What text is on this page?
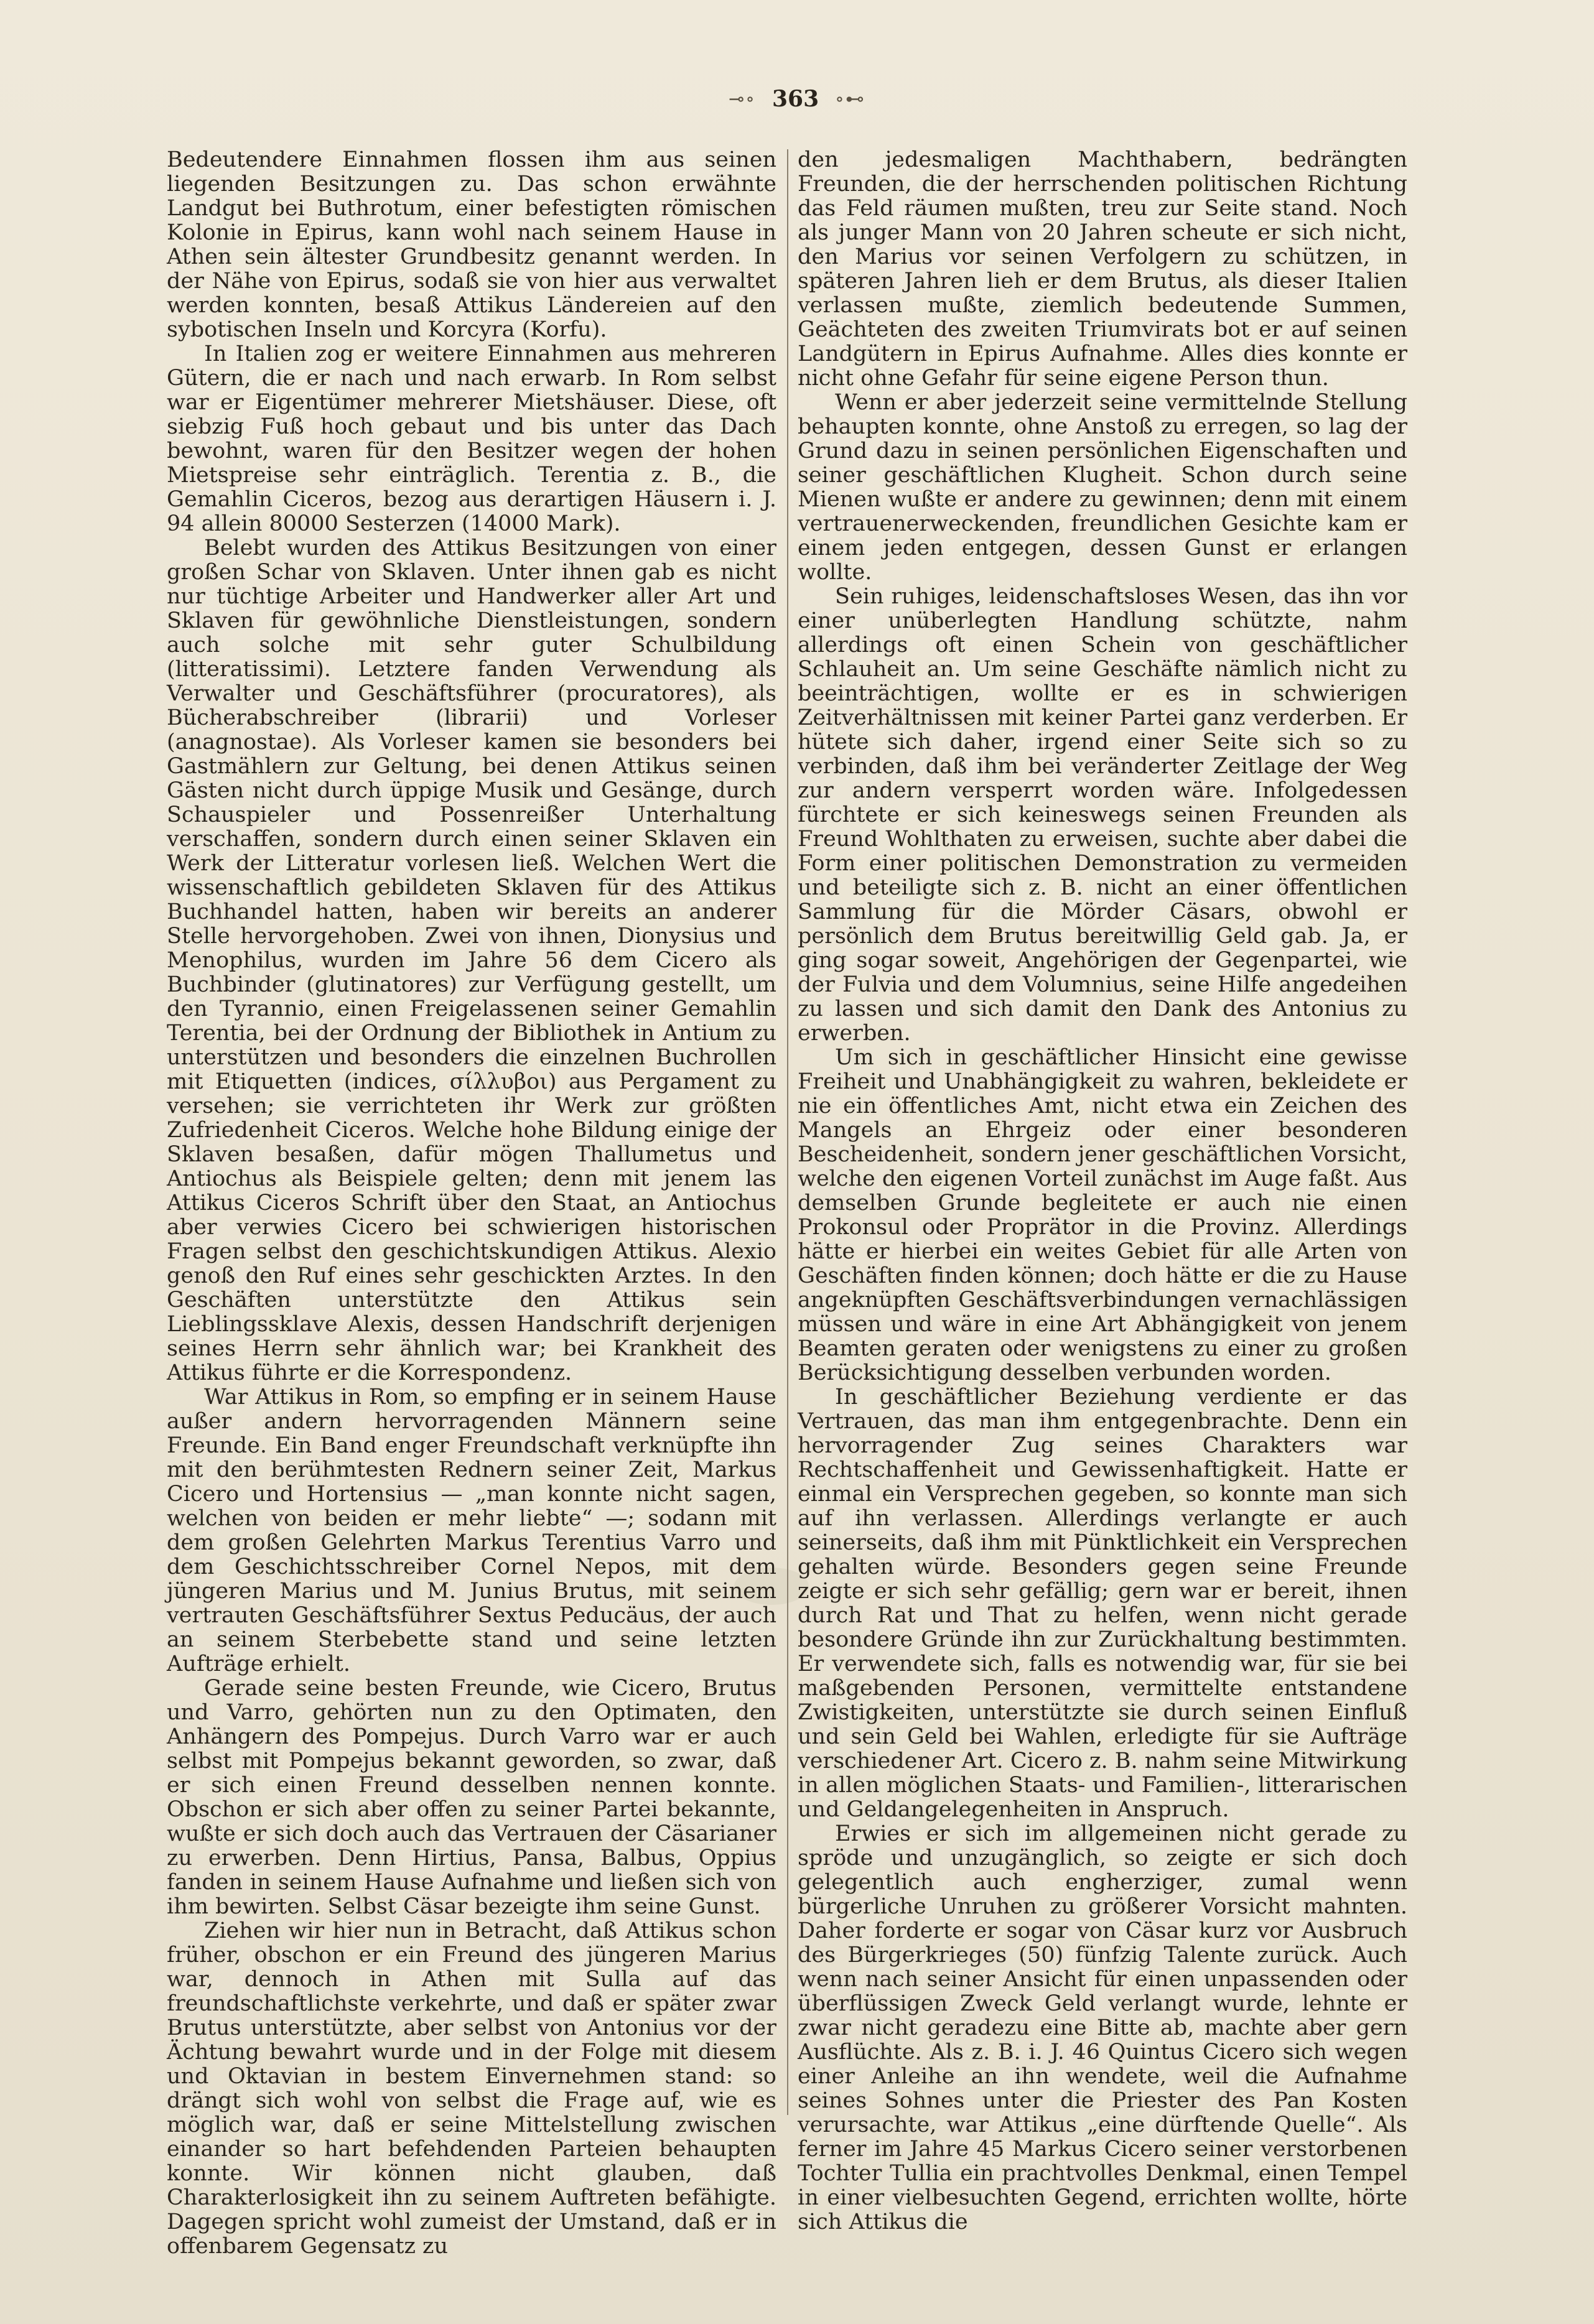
⊸∘ 363 ∘⊷

Bedeutendere Einnahmen flossen ihm aus seinen liegenden Besitzungen zu. Das schon erwähnte Landgut bei Buthrotum, einer befestigten römischen Kolonie in Epirus, kann wohl nach seinem Hause in Athen sein ältester Grundbesitz genannt werden. In der Nähe von Epirus, sodaß sie von hier aus verwaltet werden konnten, besaß Attikus Ländereien auf den sybotischen Inseln und Korcyra (Korfu).

In Italien zog er weitere Einnahmen aus mehreren Gütern, die er nach und nach erwarb. In Rom selbst war er Eigentümer mehrerer Mietshäuser. Diese, oft siebzig Fuß hoch gebaut und bis unter das Dach bewohnt, waren für den Besitzer wegen der hohen Mietspreise sehr einträglich. Terentia z. B., die Gemahlin Ciceros, bezog aus derartigen Häusern i. J. 94 allein 80000 Sesterzen (14000 Mark).

Belebt wurden des Attikus Besitzungen von einer großen Schar von Sklaven. Unter ihnen gab es nicht nur tüchtige Arbeiter und Handwerker aller Art und Sklaven für gewöhnliche Dienstleistungen, sondern auch solche mit sehr guter Schulbildung (litteratissimi). Letztere fanden Verwendung als Verwalter und Geschäftsführer (procuratores), als Bücherabschreiber (librarii) und Vorleser (anagnostae). Als Vorleser kamen sie besonders bei Gastmählern zur Geltung, bei denen Attikus seinen Gästen nicht durch üppige Musik und Gesänge, durch Schauspieler und Possenreißer Unterhaltung verschaffen, sondern durch einen seiner Sklaven ein Werk der Litteratur vorlesen ließ. Welchen Wert die wissenschaftlich gebildeten Sklaven für des Attikus Buchhandel hatten, haben wir bereits an anderer Stelle hervorgehoben. Zwei von ihnen, Dionysius und Menophilus, wurden im Jahre 56 dem Cicero als Buchbinder (glutinatores) zur Verfügung gestellt, um den Tyrannio, einen Freigelassenen seiner Gemahlin Terentia, bei der Ordnung der Bibliothek in Antium zu unterstützen und besonders die einzelnen Buchrollen mit Etiquetten (indices, σίλλυβοι) aus Pergament zu versehen; sie verrichteten ihr Werk zur größten Zufriedenheit Ciceros. Welche hohe Bildung einige der Sklaven besaßen, dafür mögen Thallumetus und Antiochus als Beispiele gelten; denn mit jenem las Attikus Ciceros Schrift über den Staat, an Antiochus aber verwies Cicero bei schwierigen historischen Fragen selbst den geschichtskundigen Attikus. Alexio genoß den Ruf eines sehr geschickten Arztes. In den Geschäften unterstützte den Attikus sein Lieblingssklave Alexis, dessen Handschrift derjenigen seines Herrn sehr ähnlich war; bei Krankheit des Attikus führte er die Korrespondenz.

War Attikus in Rom, so empfing er in seinem Hause außer andern hervorragenden Männern seine Freunde. Ein Band enger Freundschaft verknüpfte ihn mit den berühmtesten Rednern seiner Zeit, Markus Cicero und Hortensius — „man konnte nicht sagen, welchen von beiden er mehr liebte“ —; sodann mit dem großen Gelehrten Markus Terentius Varro und dem Geschichtsschreiber Cornel Nepos, mit dem jüngeren Marius und M. Junius Brutus, mit seinem vertrauten Geschäftsführer Sextus Peducäus, der auch an seinem Sterbebette stand und seine letzten Aufträge erhielt.

Gerade seine besten Freunde, wie Cicero, Brutus und Varro, gehörten nun zu den Optimaten, den Anhängern des Pompejus. Durch Varro war er auch selbst mit Pompejus bekannt geworden, so zwar, daß er sich einen Freund desselben nennen konnte. Obschon er sich aber offen zu seiner Partei bekannte, wußte er sich doch auch das Vertrauen der Cäsarianer zu erwerben. Denn Hirtius, Pansa, Balbus, Oppius fanden in seinem Hause Aufnahme und ließen sich von ihm bewirten. Selbst Cäsar bezeigte ihm seine Gunst.

Ziehen wir hier nun in Betracht, daß Attikus schon früher, obschon er ein Freund des jüngeren Marius war, dennoch in Athen mit Sulla auf das freundschaftlichste verkehrte, und daß er später zwar Brutus unterstützte, aber selbst von Antonius vor der Ächtung bewahrt wurde und in der Folge mit diesem und Oktavian in bestem Einvernehmen stand: so drängt sich wohl von selbst die Frage auf, wie es möglich war, daß er seine Mittelstellung zwischen einander so hart befehdenden Parteien behaupten konnte. Wir können nicht glauben, daß Charakterlosigkeit ihn zu seinem Auftreten befähigte. Dagegen spricht wohl zumeist der Umstand, daß er in offenbarem Gegensatz zu

den jedesmaligen Machthabern, bedrängten Freunden, die der herrschenden politischen Richtung das Feld räumen mußten, treu zur Seite stand. Noch als junger Mann von 20 Jahren scheute er sich nicht, den Marius vor seinen Verfolgern zu schützen, in späteren Jahren lieh er dem Brutus, als dieser Italien verlassen mußte, ziemlich bedeutende Summen, Geächteten des zweiten Triumvirats bot er auf seinen Landgütern in Epirus Aufnahme. Alles dies konnte er nicht ohne Gefahr für seine eigene Person thun.

Wenn er aber jederzeit seine vermittelnde Stellung behaupten konnte, ohne Anstoß zu erregen, so lag der Grund dazu in seinen persönlichen Eigenschaften und seiner geschäftlichen Klugheit. Schon durch seine Mienen wußte er andere zu gewinnen; denn mit einem vertrauenerweckenden, freundlichen Gesichte kam er einem jeden entgegen, dessen Gunst er erlangen wollte.

Sein ruhiges, leidenschaftsloses Wesen, das ihn vor einer unüberlegten Handlung schützte, nahm allerdings oft einen Schein von geschäftlicher Schlauheit an. Um seine Geschäfte nämlich nicht zu beeinträchtigen, wollte er es in schwierigen Zeitverhältnissen mit keiner Partei ganz verderben. Er hütete sich daher, irgend einer Seite sich so zu verbinden, daß ihm bei veränderter Zeitlage der Weg zur andern versperrt worden wäre. Infolgedessen fürchtete er sich keineswegs seinen Freunden als Freund Wohlthaten zu erweisen, suchte aber dabei die Form einer politischen Demonstration zu vermeiden und beteiligte sich z. B. nicht an einer öffentlichen Sammlung für die Mörder Cäsars, obwohl er persönlich dem Brutus bereitwillig Geld gab. Ja, er ging sogar soweit, Angehörigen der Gegenpartei, wie der Fulvia und dem Volumnius, seine Hilfe angedeihen zu lassen und sich damit den Dank des Antonius zu erwerben.

Um sich in geschäftlicher Hinsicht eine gewisse Freiheit und Unabhängigkeit zu wahren, bekleidete er nie ein öffentliches Amt, nicht etwa ein Zeichen des Mangels an Ehrgeiz oder einer besonderen Bescheidenheit, sondern jener geschäftlichen Vorsicht, welche den eigenen Vorteil zunächst im Auge faßt. Aus demselben Grunde begleitete er auch nie einen Prokonsul oder Proprätor in die Provinz. Allerdings hätte er hierbei ein weites Gebiet für alle Arten von Geschäften finden können; doch hätte er die zu Hause angeknüpften Geschäftsverbindungen vernachlässigen müssen und wäre in eine Art Abhängigkeit von jenem Beamten geraten oder wenigstens zu einer zu großen Berücksichtigung desselben verbunden worden.

In geschäftlicher Beziehung verdiente er das Vertrauen, das man ihm entgegenbrachte. Denn ein hervorragender Zug seines Charakters war Rechtschaffenheit und Gewissenhaftigkeit. Hatte er einmal ein Versprechen gegeben, so konnte man sich auf ihn verlassen. Allerdings verlangte er auch seinerseits, daß ihm mit Pünktlichkeit ein Versprechen gehalten würde. Besonders gegen seine Freunde zeigte er sich sehr gefällig; gern war er bereit, ihnen durch Rat und That zu helfen, wenn nicht gerade besondere Gründe ihn zur Zurückhaltung bestimmten. Er verwendete sich, falls es notwendig war, für sie bei maßgebenden Personen, vermittelte entstandene Zwistigkeiten, unterstützte sie durch seinen Einfluß und sein Geld bei Wahlen, erledigte für sie Aufträge verschiedener Art. Cicero z. B. nahm seine Mitwirkung in allen möglichen Staats- und Familien-, litterarischen und Geldangelegenheiten in Anspruch.

Erwies er sich im allgemeinen nicht gerade zu spröde und unzugänglich, so zeigte er sich doch gelegentlich auch engherziger, zumal wenn bürgerliche Unruhen zu größerer Vorsicht mahnten. Daher forderte er sogar von Cäsar kurz vor Ausbruch des Bürgerkrieges (50) fünfzig Talente zurück. Auch wenn nach seiner Ansicht für einen unpassenden oder überflüssigen Zweck Geld verlangt wurde, lehnte er zwar nicht geradezu eine Bitte ab, machte aber gern Ausflüchte. Als z. B. i. J. 46 Quintus Cicero sich wegen einer Anleihe an ihn wendete, weil die Aufnahme seines Sohnes unter die Priester des Pan Kosten verursachte, war Attikus „eine dürftende Quelle“. Als ferner im Jahre 45 Markus Cicero seiner verstorbenen Tochter Tullia ein prachtvolles Denkmal, einen Tempel in einer vielbesuchten Gegend, errichten wollte, hörte sich Attikus die
